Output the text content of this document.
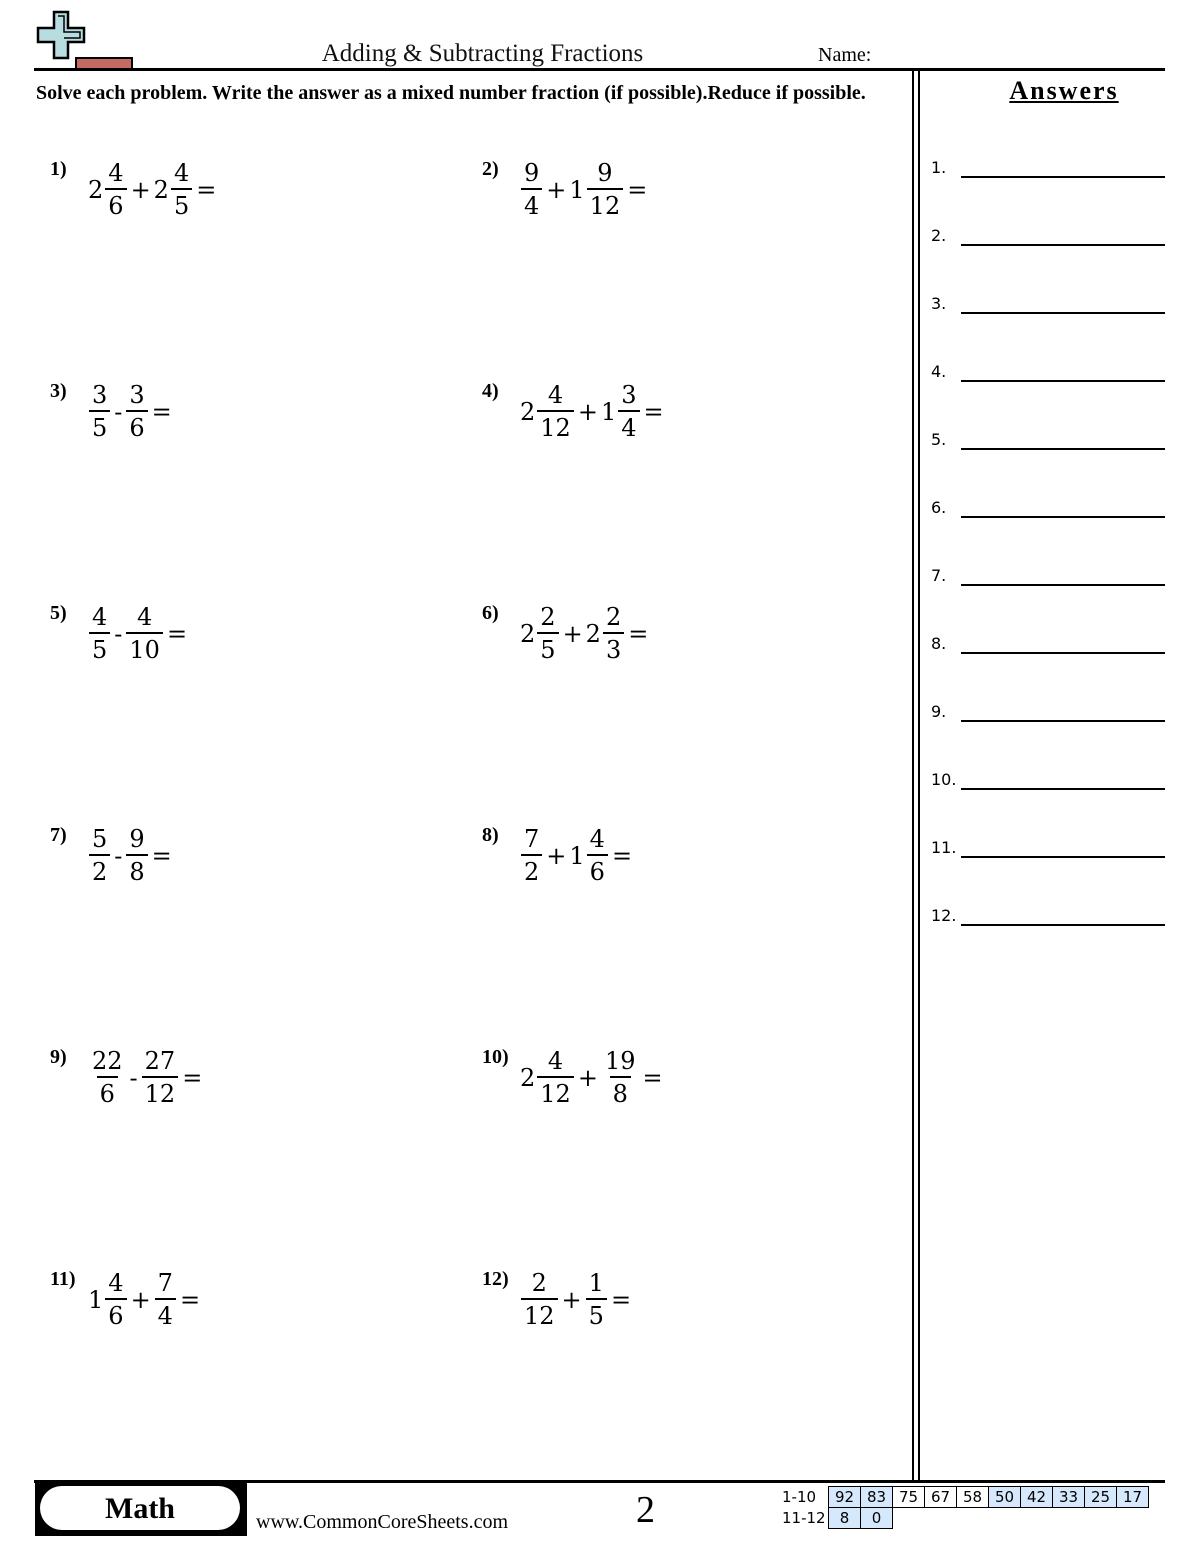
Adding & Subtracting Fractions	Name:
Solve each problem. Write the answer as a mixed number fraction (if possible).Reduce if possible.
1)
$2 \frac{4}{6} + 2 \frac{4}{5}$ =
$2) \frac{9}{4} + 1 \frac{9}{12}$ =
$3) \frac{3}{5} - \frac{3}{6}$ =
4)
$2 \frac{4}{12} + 1 \frac{3}{4}$ =
$5) \frac{4}{5} - \frac{4}{10}$ =
6)
$2 \frac{2}{5} + 2 \frac{2}{3}$ =
$7) \frac{5}{2} - \frac{9}{8}$ =
$8) \frac{7}{2} + 1 \frac{4}{6}$ =
$9) \frac{22}{6} - \frac{27}{12}$ =
10)
$2 \frac{4}{12} + \frac{19}{8}$ =
11)
$1 \frac{4}{6} + \frac{7}{4}$ =
$12) \frac{2}{12} + \frac{1}{5}$ =
Answers
1.
2.
3.
4.
5.
6.
7.
8.
9.
10.
11.
12.
Math	www.CommonCoreSheets.com	2	1-10	92	83	75	67	58	50	42	33	25	17
11-12	8	0								
